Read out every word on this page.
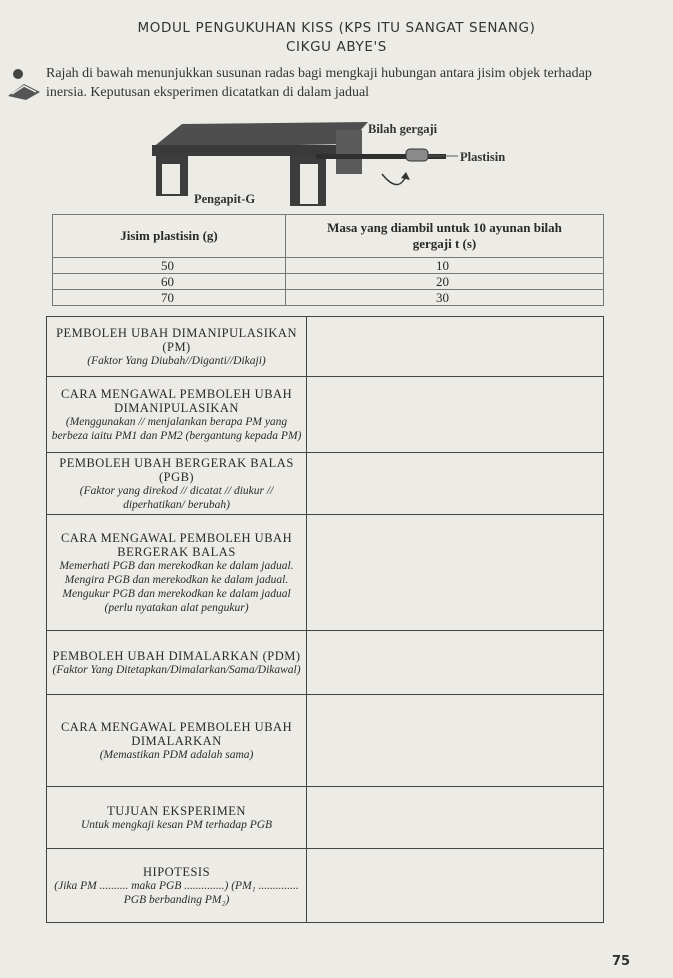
MODUL PENGUKUHAN KISS (KPS ITU SANGAT SENANG)
CIKGU ABYE'S
Rajah di bawah menunjukkan susunan radas bagi mengkaji hubungan antara jisim objek terhadap inersia. Keputusan eksperimen dicatatkan di dalam jadual
Bilah gergaji
Plastisin
Pengapit-G
Jisim plastisin (g)	Masa yang diambil untuk 10 ayunan bilah
gergaji t (s)
50	10
60	20
70	30
PEMBOLEH UBAH DIMANIPULASIKAN (PM)
(Faktor Yang Diubah//Diganti//Dikaji)	

CARA MENGAWAL PEMBOLEH UBAH DIMANIPULASIKAN
(Menggunakan // menjalankan berapa PM yang berbeza iaitu PM1 dan PM2 (bergantung kepada PM)	

PEMBOLEH UBAH BERGERAK BALAS (PGB)
(Faktor yang direkod // dicatat // diukur // diperhatikan/ berubah)	

CARA MENGAWAL PEMBOLEH UBAH BERGERAK BALAS
Memerhati PGB dan merekodkan ke dalam jadual. Mengira PGB dan merekodkan ke dalam jadual. Mengukur PGB dan merekodkan ke dalam jadual (perlu nyatakan alat pengukur)	

PEMBOLEH UBAH DIMALARKAN (PDM)
(Faktor Yang Ditetapkan/Dimalarkan/Sama/Dikawal)	

CARA MENGAWAL PEMBOLEH UBAH DIMALARKAN
(Memastikan PDM adalah sama)	

TUJUAN EKSPERIMEN
Untuk mengkaji kesan PM terhadap PGB	

HIPOTESIS
(Jika PM .......... maka PGB ..............) (PM₁ .............. PGB berbanding PM₂)	

75
